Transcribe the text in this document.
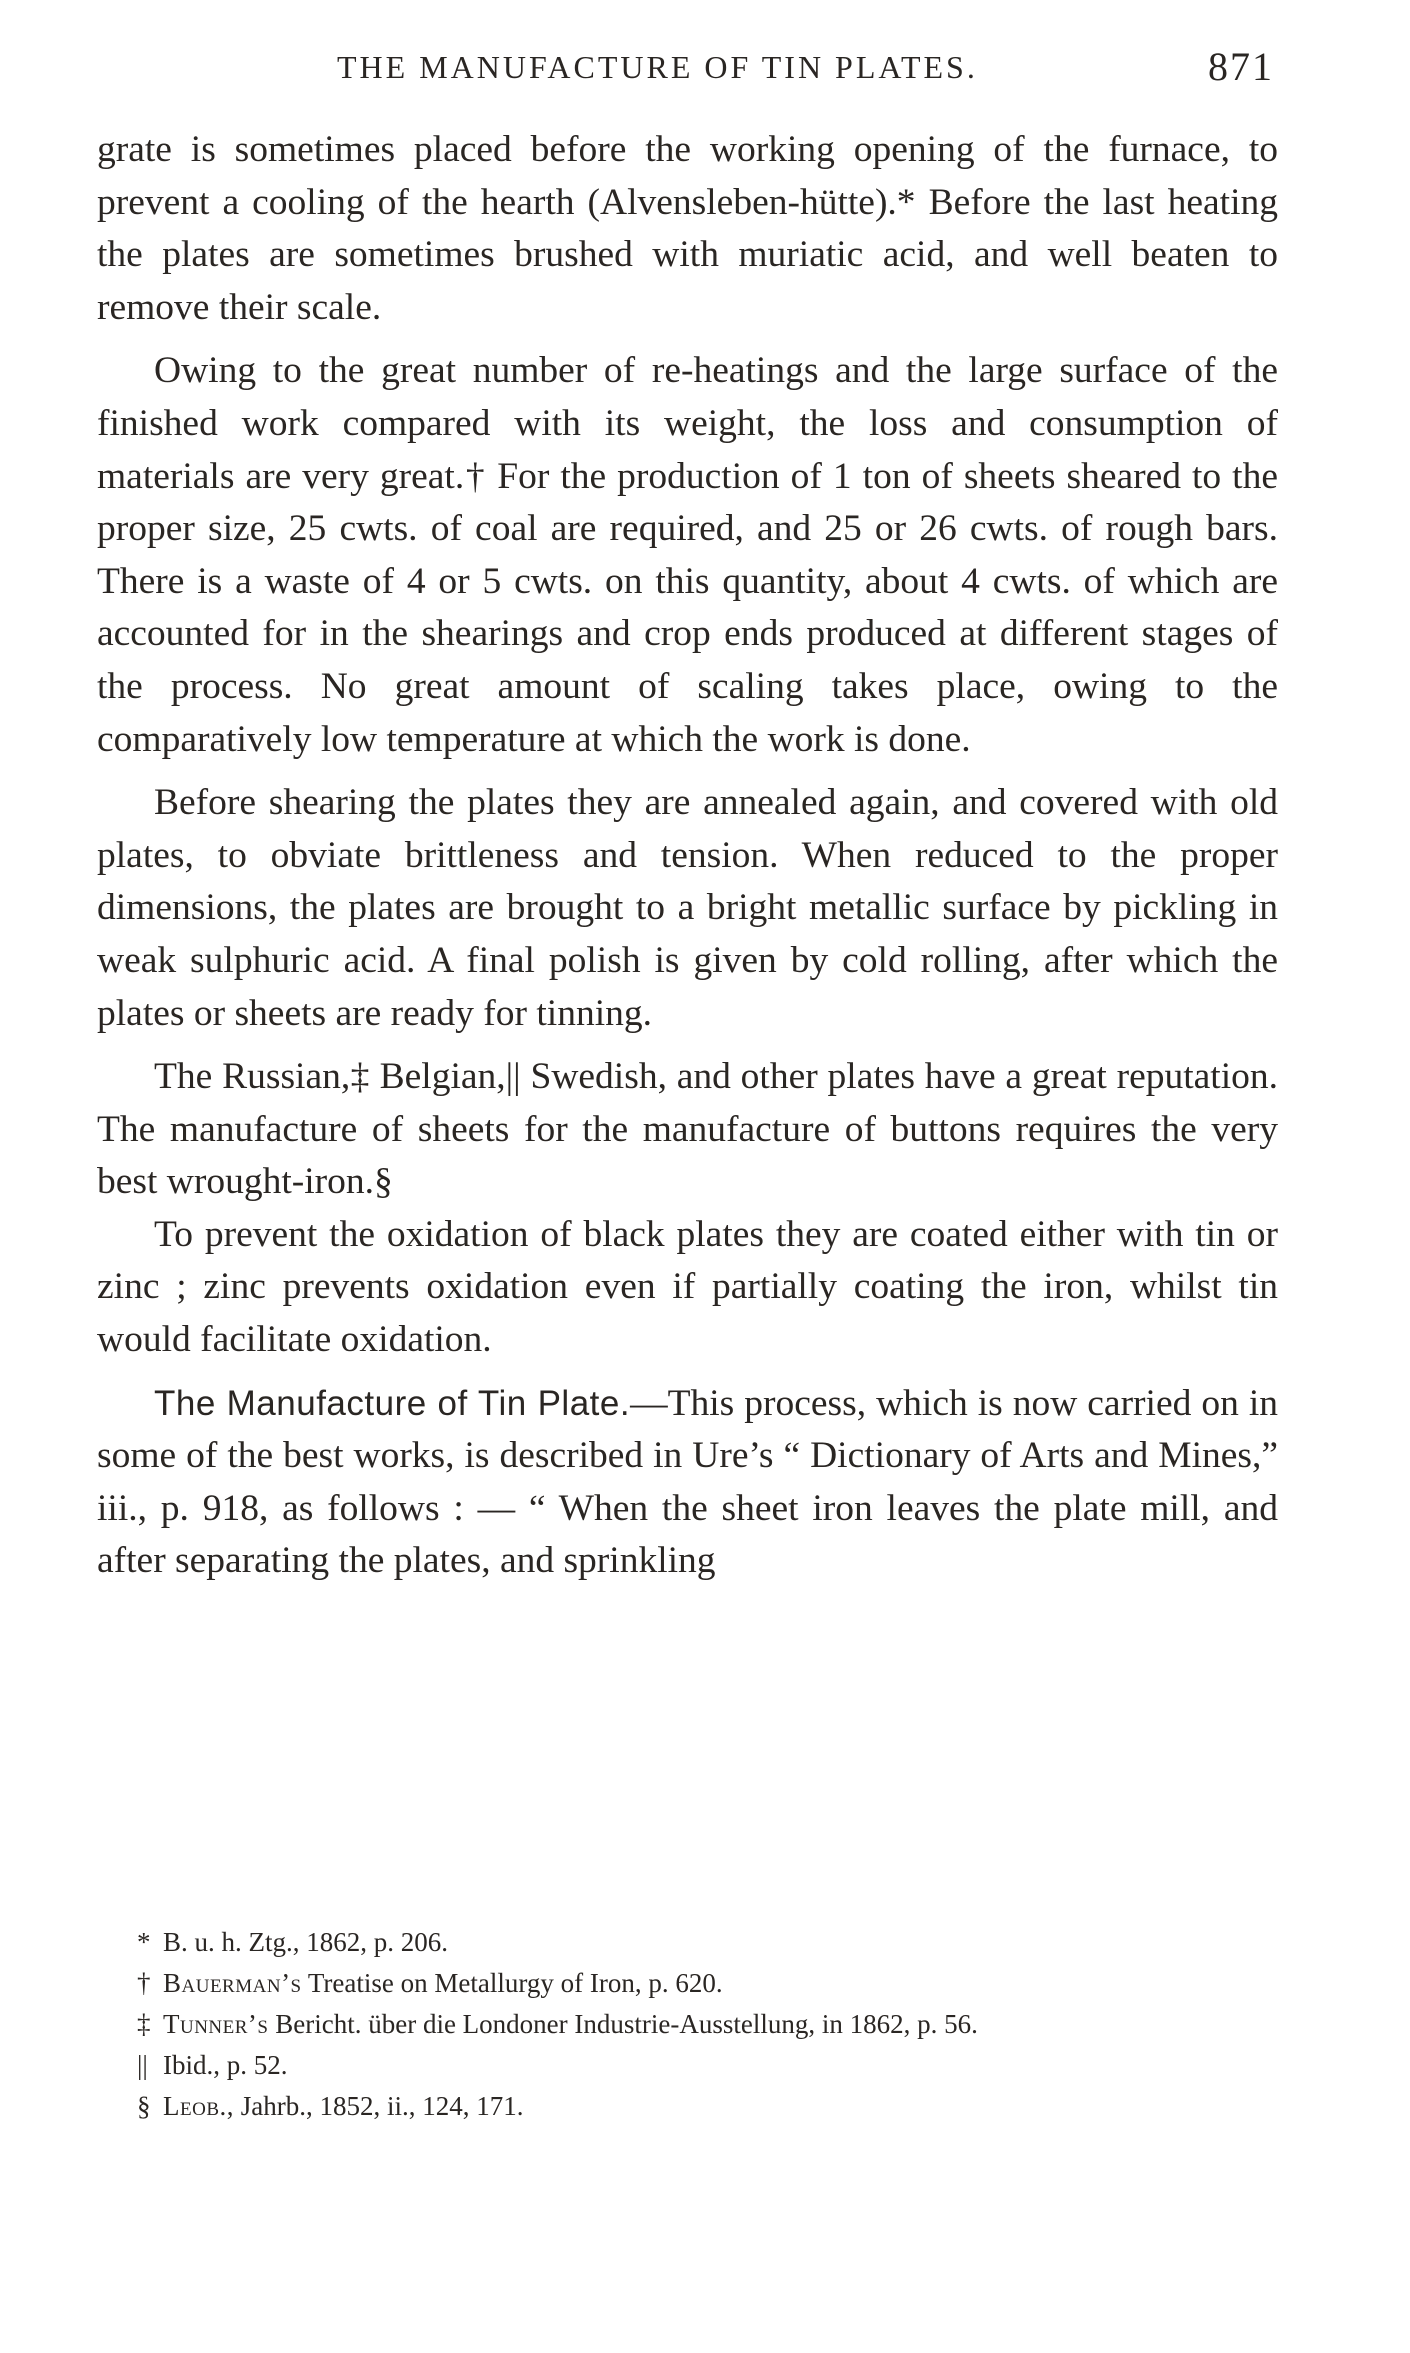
THE MANUFACTURE OF TIN PLATES.	871

grate is sometimes placed before the working opening of the furnace, to prevent a cooling of the hearth (Alvensleben-hütte).* Before the last heating the plates are sometimes brushed with muriatic acid, and well beaten to remove their scale.

Owing to the great number of re-heatings and the large surface of the finished work compared with its weight, the loss and consumption of materials are very great.† For the production of 1 ton of sheets sheared to the proper size, 25 cwts. of coal are required, and 25 or 26 cwts. of rough bars. There is a waste of 4 or 5 cwts. on this quantity, about 4 cwts. of which are accounted for in the shearings and crop ends produced at different stages of the process. No great amount of scaling takes place, owing to the comparatively low temperature at which the work is done.

Before shearing the plates they are annealed again, and covered with old plates, to obviate brittleness and tension. When reduced to the proper dimensions, the plates are brought to a bright metallic surface by pickling in weak sulphuric acid. A final polish is given by cold rolling, after which the plates or sheets are ready for tinning.

The Russian,‡ Belgian,|| Swedish, and other plates have a great reputation. The manufacture of sheets for the manufacture of buttons requires the very best wrought-iron.§

To prevent the oxidation of black plates they are coated either with tin or zinc ; zinc prevents oxidation even if partially coating the iron, whilst tin would facilitate oxidation.

The Manufacture of Tin Plate.—This process, which is now carried on in some of the best works, is described in Ure’s “ Dictionary of Arts and Mines,” iii., p. 918, as follows : — “ When the sheet iron leaves the plate mill, and after separating the plates, and sprinkling

* B. u. h. Ztg., 1862, p. 206.

† Bauerman’s Treatise on Metallurgy of Iron, p. 620.

‡ Tunner’s Bericht. über die Londoner Industrie-Ausstellung, in 1862, p. 56.

|| Ibid., p. 52.

§ Leob., Jahrb., 1852, ii., 124, 171.
